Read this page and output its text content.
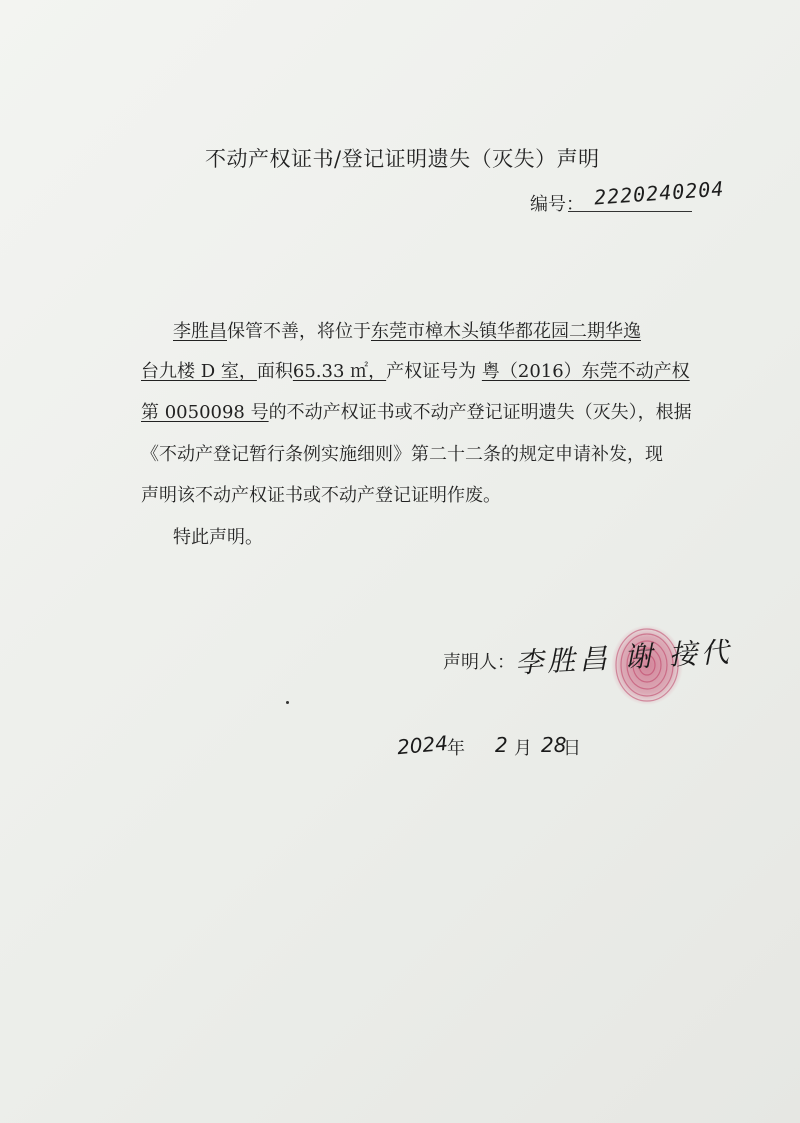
不动产权证书/登记证明遗失（灭失）声明
编号： 2220240204
李胜昌保管不善，将位于东莞市樟木头镇华都花园二期华逸
台九楼 D 室，面积65.33 ㎡，产权证号为 粤（2016）东莞不动产权
第 0050098 号的不动产权证书或不动产登记证明遗失（灭失），根据
《不动产登记暂行条例实施细则》第二十二条的规定申请补发，现
声明该不动产权证书或不动产登记证明作废。
特此声明。
声明人： 李胜昌 谢 接代
2024
年 2 月 28
日
